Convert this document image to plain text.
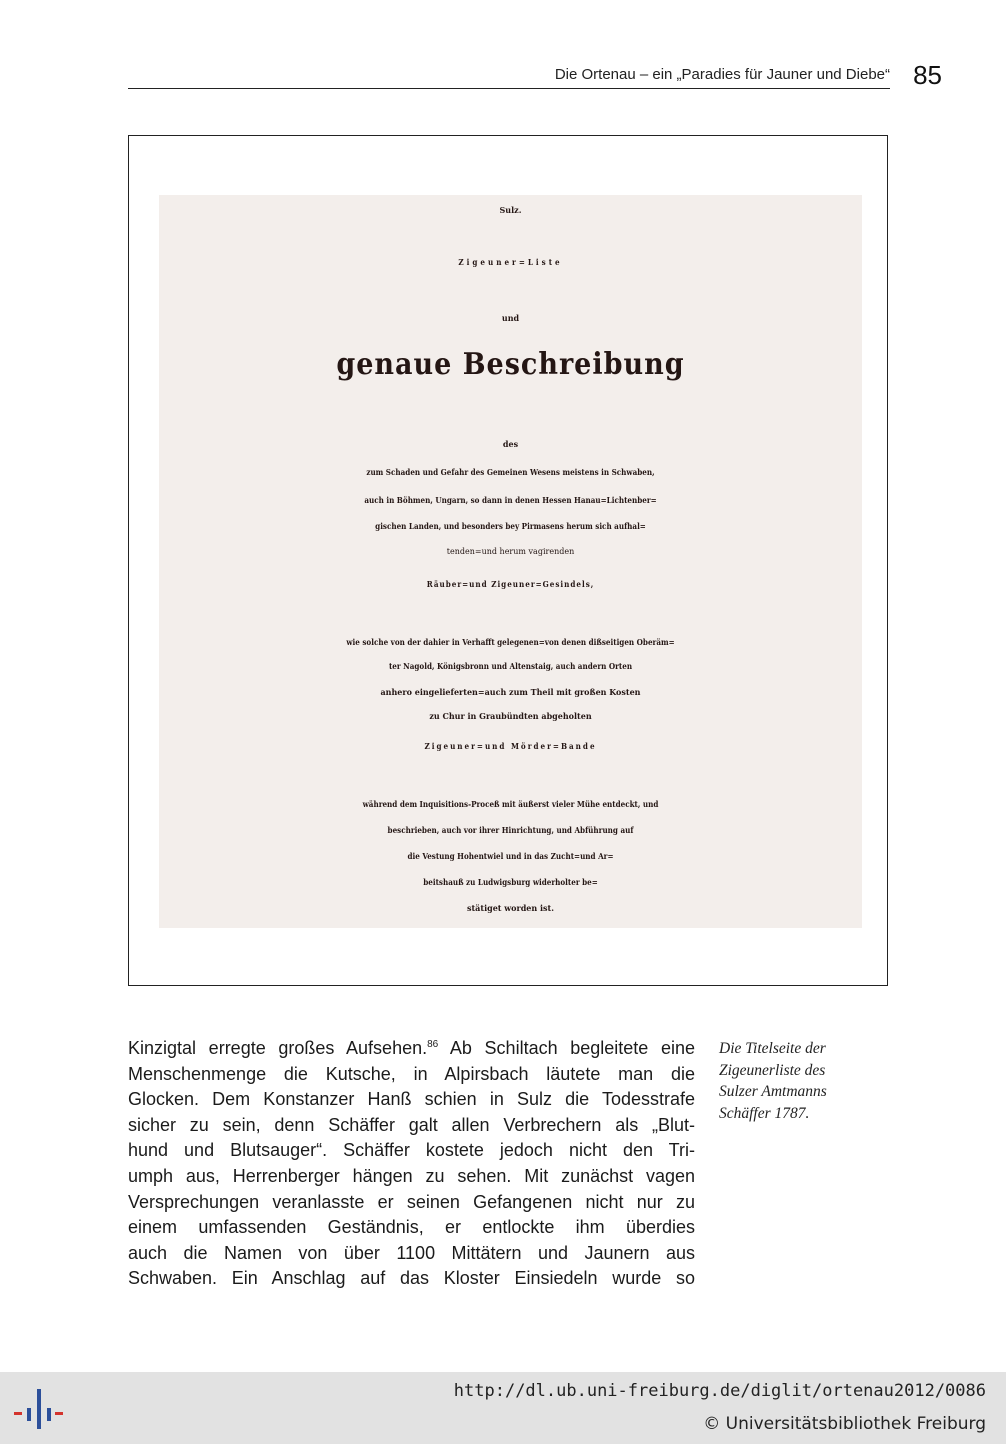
Die Ortenau – ein „Paradies für Jauner und Diebe“ 85
Sulz.
Zigeuner=Liste
und
genaue Beschreibung
des
zum Schaden und Gefahr des Gemeinen Wesens meistens in Schwaben,
auch in Böhmen, Ungarn, so dann in denen Hessen Hanau=Lichtenber=
gischen Landen, und besonders bey Pirmasens herum sich aufhal=
tenden=und herum vagirenden
Räuber=und Zigeuner=Gesindels,
wie solche von der dahier in Verhafft gelegenen=von denen dißseitigen Oberäm=
ter Nagold, Königsbronn und Altenstaig, auch andern Orten
anhero eingelieferten=auch zum Theil mit großen Kosten
zu Chur in Graubündten abgeholten
Zigeuner=und Mörder=Bande
während dem Inquisitions-Proceß mit äußerst vieler Mühe entdeckt, und
beschrieben, auch vor ihrer Hinrichtung, und Abführung auf
die Vestung Hohentwiel und in das Zucht=und Ar=
beitshauß zu Ludwigsburg widerholter be=
stätiget worden ist.
Kinzigtal erregte großes Aufsehen.$^{86}$ Ab Schiltach begleitete eine
Menschenmenge die Kutsche, in Alpirsbach läutete man die
Glocken. Dem Konstanzer Hanß schien in Sulz die Todesstrafe
sicher zu sein, denn Schäffer galt allen Verbrechern als „Blut-
hund und Blutsauger“. Schäffer kostete jedoch nicht den Tri-
umph aus, Herrenberger hängen zu sehen. Mit zunächst vagen
Versprechungen veranlasste er seinen Gefangenen nicht nur zu
einem umfassenden Geständnis, er entlockte ihm überdies
auch die Namen von über 1100 Mittätern und Jaunern aus
Schwaben. Ein Anschlag auf das Kloster Einsiedeln wurde so
Die Titelseite der
Zigeunerliste des
Sulzer Amtmanns
Schäffer 1787.
http://dl.ub.uni-freiburg.de/diglit/ortenau2012/0086
© Universitätsbibliothek Freiburg
